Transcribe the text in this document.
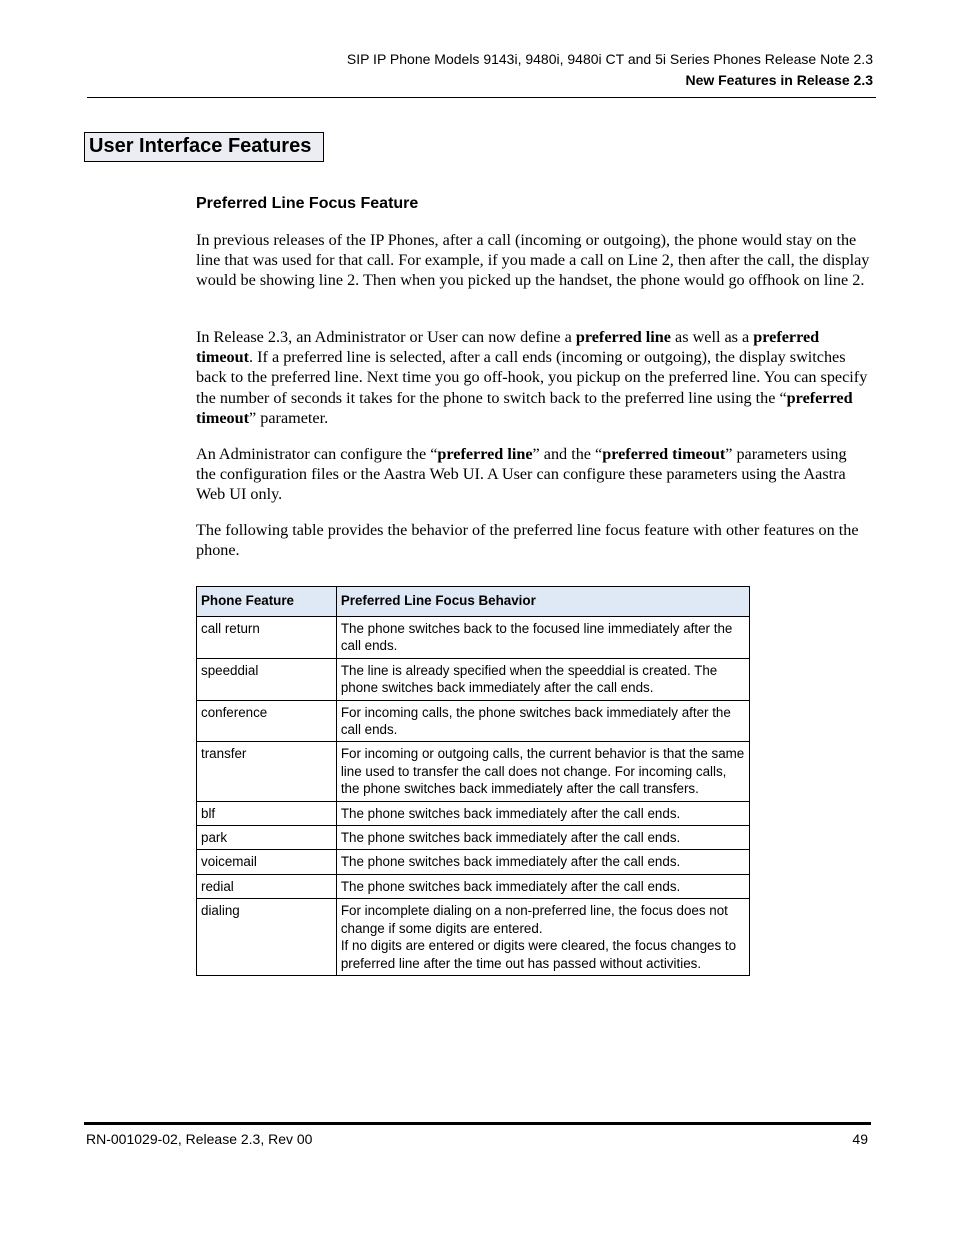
SIP IP Phone Models 9143i, 9480i, 9480i CT and 5i Series Phones Release Note 2.3
New Features in Release 2.3
User Interface Features
Preferred Line Focus Feature

In previous releases of the IP Phones, after a call (incoming or outgoing), the phone would stay on the line that was used for that call. For example, if you made a call on Line 2, then after the call, the display would be showing line 2. Then when you picked up the handset, the phone would go offhook on line 2.

In Release 2.3, an Administrator or User can now define a preferred line as well as a preferred timeout. If a preferred line is selected, after a call ends (incoming or outgoing), the display switches back to the preferred line. Next time you go off-hook, you pickup on the preferred line. You can specify the number of seconds it takes for the phone to switch back to the preferred line using the “preferred timeout” parameter.

An Administrator can configure the “preferred line” and the “preferred timeout” parameters using the configuration files or the Aastra Web UI. A User can configure these parameters using the Aastra Web UI only.

The following table provides the behavior of the preferred line focus feature with other features on the phone.

Phone Feature	Preferred Line Focus Behavior
call return	The phone switches back to the focused line immediately after the call ends.
speeddial	The line is already specified when the speeddial is created. The phone switches back immediately after the call ends.
conference	For incoming calls, the phone switches back immediately after the call ends.
transfer	For incoming or outgoing calls, the current behavior is that the same line used to transfer the call does not change. For incoming calls, the phone switches back immediately after the call transfers.
blf	The phone switches back immediately after the call ends.
park	The phone switches back immediately after the call ends.
voicemail	The phone switches back immediately after the call ends.
redial	The phone switches back immediately after the call ends.
dialing	For incomplete dialing on a non-preferred line, the focus does not change if some digits are entered.
If no digits are entered or digits were cleared, the focus changes to preferred line after the time out has passed without activities.
RN-001029-02, Release 2.3, Rev 00	49
